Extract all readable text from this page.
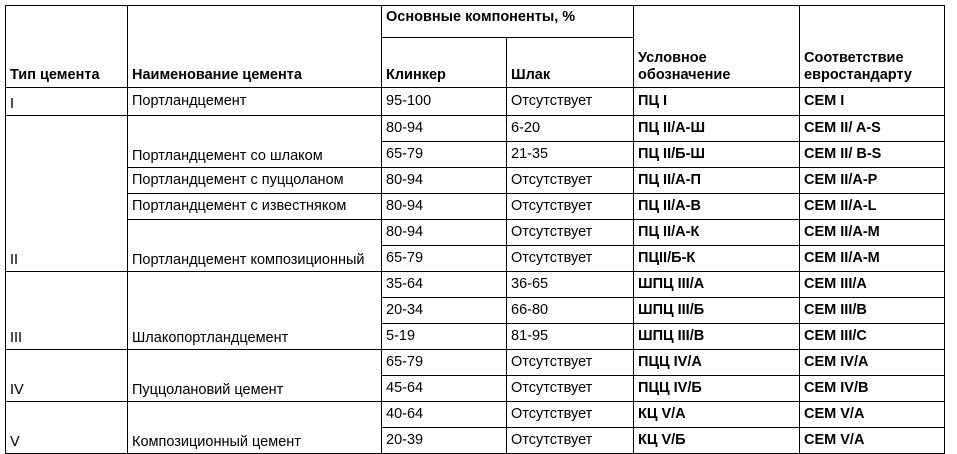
Тип цемента	Наименование цемента	Основные компоненты, %		Условное обозначение	Соответствие евростандарту
		Клинкер	Шлак		
I	Портландцемент	95-100	Отсутствует	ПЦ I	CEM I
II	Портландцемент со шлаком	80-94	6-20	ПЦ II/А-Ш	CEM II/ A-S
		65-79	21-35	ПЦ II/Б-Ш	CEM II/ B-S
	Портландцемент с пуццоланом	80-94	Отсутствует	ПЦ II/А-П	CEM II/A-P
	Портландцемент с известняком	80-94	Отсутствует	ПЦ II/А-В	CEM II/A-L
	Портландцемент композиционный	80-94	Отсутствует	ПЦ II/А-К	CEM II/A-M
		65-79	Отсутствует	ПЦII/Б-К	CEM II/A-M
III	Шлакопортландцемент	35-64	36-65	ШПЦ III/А	CEM III/A
		20-34	66-80	ШПЦ III/Б	CEM III/B
		5-19	81-95	ШПЦ III/В	CEM III/C
IV	Пуццолановий цемент	65-79	Отсутствует	ПЦЦ IV/А	CEM IV/A
		45-64	Отсутствует	ПЦЦ IV/Б	CEM IV/B
V	Композиционный цемент	40-64	Отсутствует	КЦ V/А	CEM V/A
		20-39	Отсутствует	КЦ V/Б	CEM V/A
